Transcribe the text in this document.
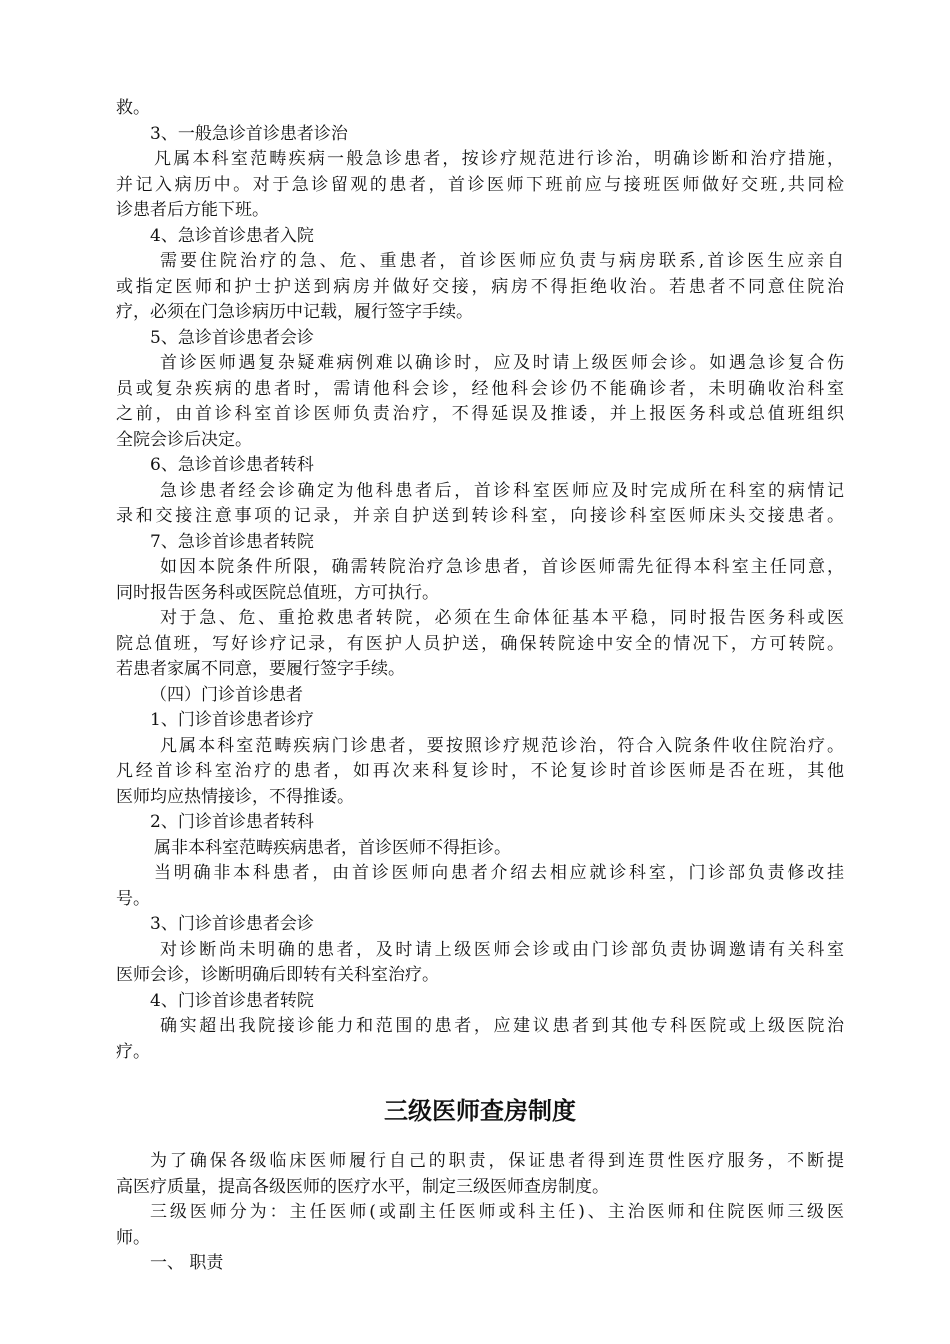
救。

3、一般急诊首诊患者诊治

凡属本科室范畴疾病一般急诊患者，按诊疗规范进行诊治，明确诊断和治疗措施，

并记入病历中。对于急诊留观的患者，首诊医师下班前应与接班医师做好交班,共同检

诊患者后方能下班。

4、急诊首诊患者入院

需要住院治疗的急、危、重患者，首诊医师应负责与病房联系,首诊医生应亲自

或指定医师和护士护送到病房并做好交接，病房不得拒绝收治。若患者不同意住院治

疗，必须在门急诊病历中记载，履行签字手续。

5、急诊首诊患者会诊

首诊医师遇复杂疑难病例难以确诊时，应及时请上级医师会诊。如遇急诊复合伤

员或复杂疾病的患者时，需请他科会诊，经他科会诊仍不能确诊者，未明确收治科室

之前，由首诊科室首诊医师负责治疗，不得延误及推诿，并上报医务科或总值班组织

全院会诊后决定。

6、急诊首诊患者转科

急诊患者经会诊确定为他科患者后，首诊科室医师应及时完成所在科室的病情记

录和交接注意事项的记录，并亲自护送到转诊科室，向接诊科室医师床头交接患者。

7、急诊首诊患者转院

如因本院条件所限，确需转院治疗急诊患者，首诊医师需先征得本科室主任同意，

同时报告医务科或医院总值班，方可执行。

对于急、危、重抢救患者转院，必须在生命体征基本平稳，同时报告医务科或医

院总值班，写好诊疗记录，有医护人员护送，确保转院途中安全的情况下，方可转院。

若患者家属不同意，要履行签字手续。

（四）门诊首诊患者

1、门诊首诊患者诊疗

凡属本科室范畴疾病门诊患者，要按照诊疗规范诊治，符合入院条件收住院治疗。

凡经首诊科室治疗的患者，如再次来科复诊时，不论复诊时首诊医师是否在班，其他

医师均应热情接诊，不得推诿。

2、门诊首诊患者转科

属非本科室范畴疾病患者，首诊医师不得拒诊。

当明确非本科患者，由首诊医师向患者介绍去相应就诊科室，门诊部负责修改挂

号。

3、门诊首诊患者会诊

对诊断尚未明确的患者，及时请上级医师会诊或由门诊部负责协调邀请有关科室

医师会诊，诊断明确后即转有关科室治疗。

4、门诊首诊患者转院

确实超出我院接诊能力和范围的患者，应建议患者到其他专科医院或上级医院治

疗。

三级医师查房制度

为了确保各级临床医师履行自己的职责，保证患者得到连贯性医疗服务，不断提

高医疗质量，提高各级医师的医疗水平，制定三级医师查房制度。

三级医师分为：主任医师(或副主任医师或科主任)、主治医师和住院医师三级医

师。

一、 职责
